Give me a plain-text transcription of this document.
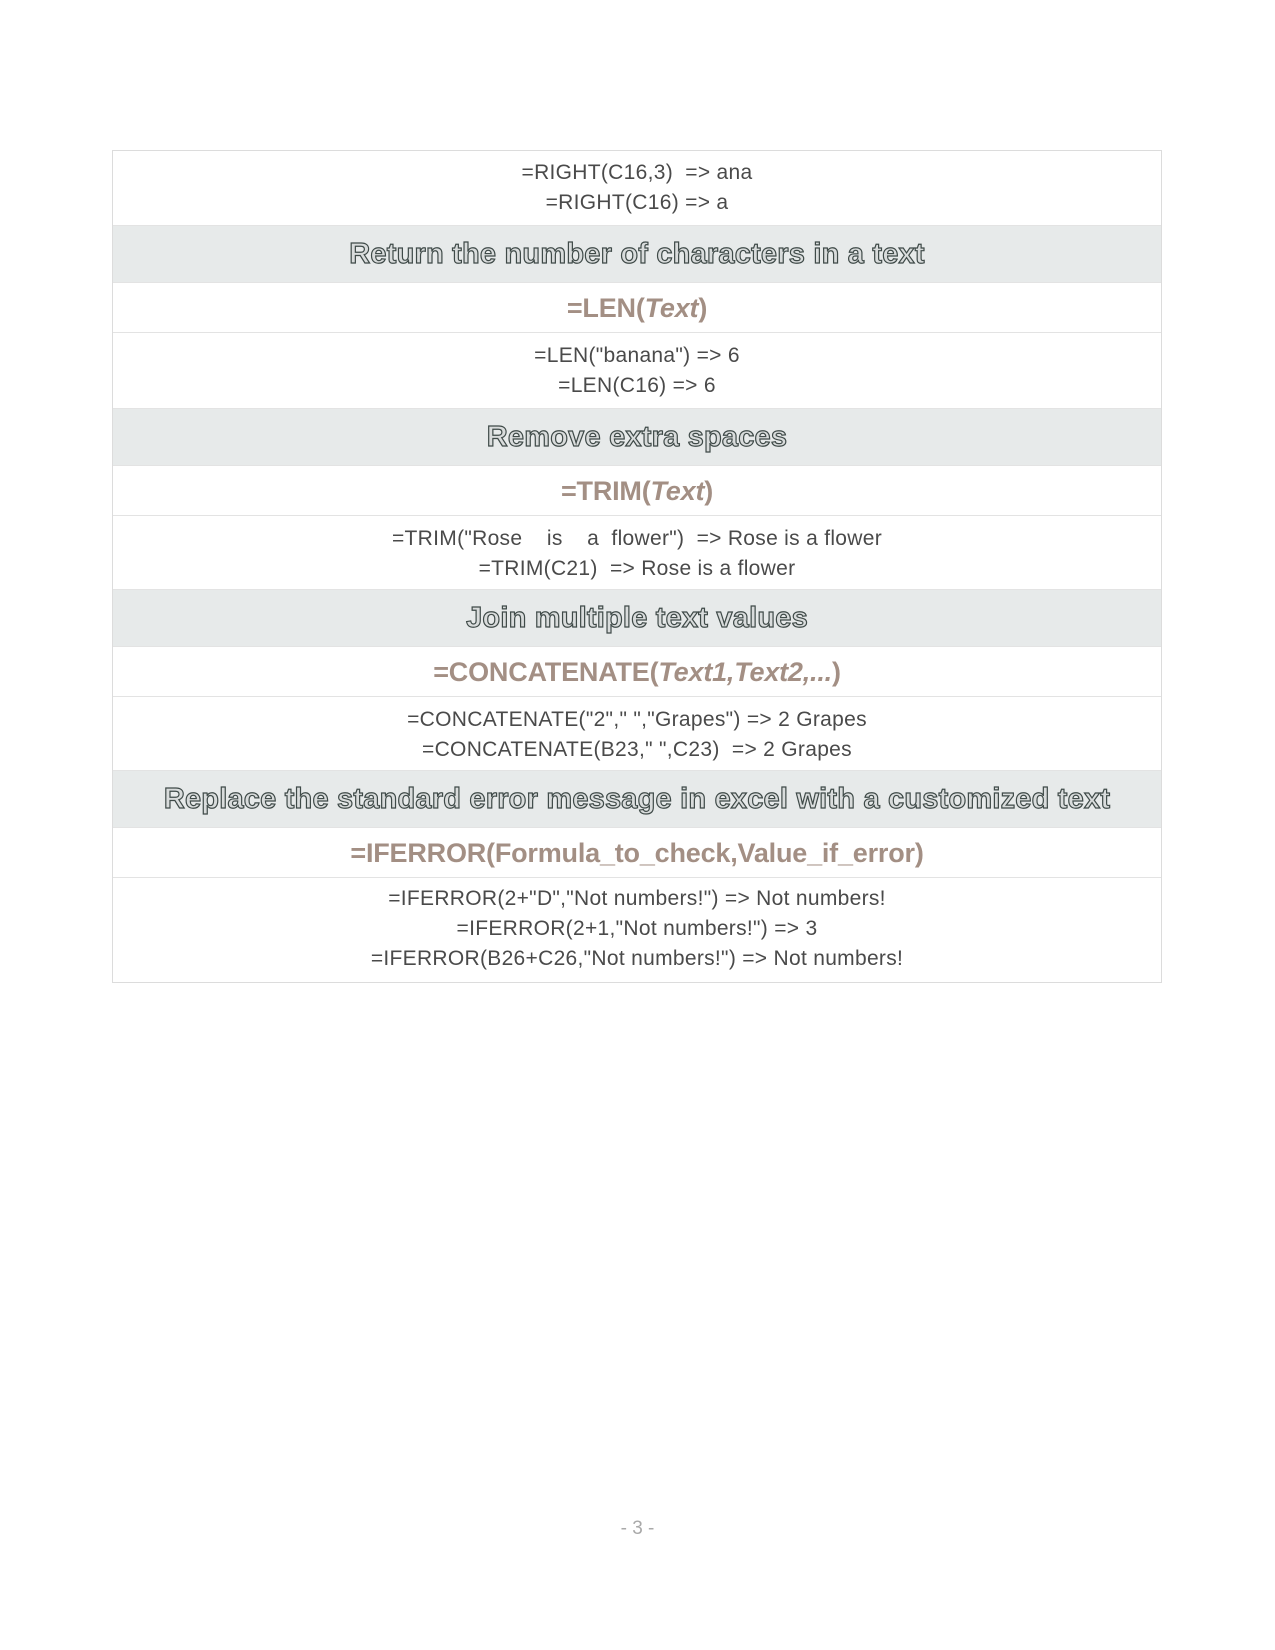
=RIGHT(C16,3)  => ana
=RIGHT(C16) => a
Return the number of characters in a text
=LEN(Text)
=LEN("banana") => 6
=LEN(C16) => 6
Remove extra spaces
=TRIM(Text)
=TRIM("Rose    is    a  flower")  => Rose is a flower
=TRIM(C21)  => Rose is a flower
Join multiple text values
=CONCATENATE(Text1,Text2,...)
=CONCATENATE("2"," ","Grapes") => 2 Grapes
=CONCATENATE(B23," ",C23)  => 2 Grapes
Replace the standard error message in excel with a customized text
=IFERROR(Formula_to_check,Value_if_error)
=IFERROR(2+"D","Not numbers!") => Not numbers!
=IFERROR(2+1,"Not numbers!") => 3
=IFERROR(B26+C26,"Not numbers!") => Not numbers!
- 3 -
